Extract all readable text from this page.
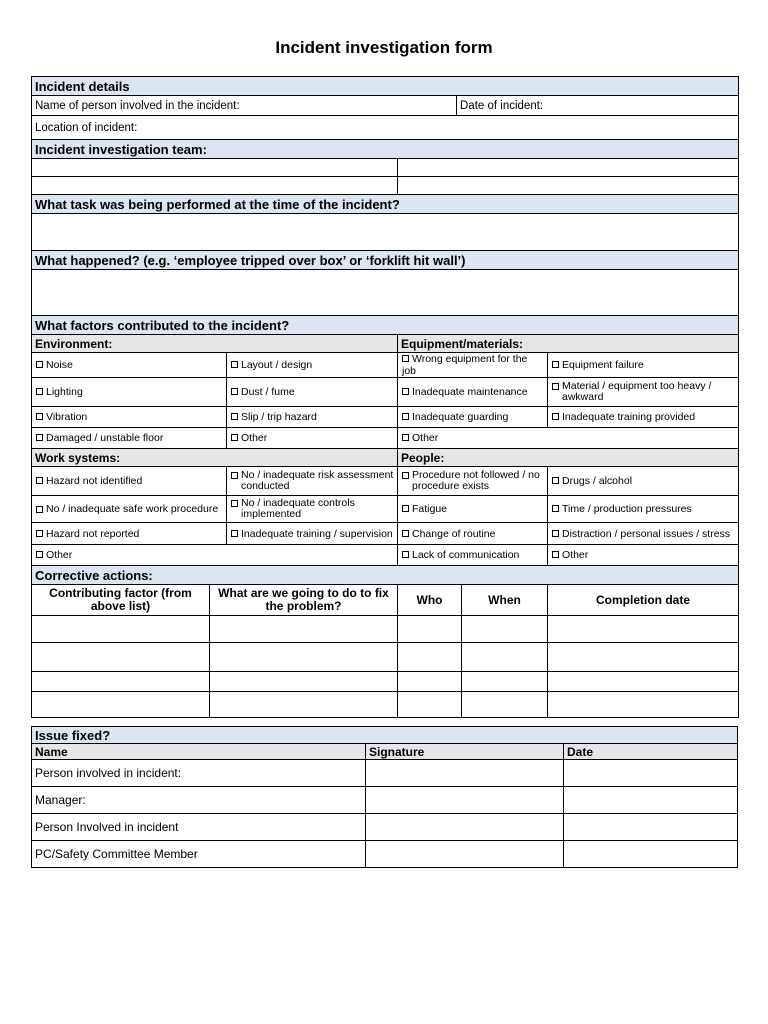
Incident investigation form
Incident details						
Name of person involved in the incident:				Date of incident:		
Location of incident:						
Incident investigation team:						

What task was being performed at the time of the incident?						

What happened? (e.g. ‘employee tripped over box’ or ‘forklift hit wall’)						

What factors contributed to the incident?						
Environment:			Equipment/materials:			
Noise		Layout / design	Wrong equipment for the job			Equipment failure
Lighting		Dust / fume	Inadequate maintenance			Material / equipment too heavy / awkward

Vibration		Slip / trip hazard	Inadequate guarding			Inadequate training provided
Damaged / unstable floor		Other	Other			
Work systems:			People:			
Hazard not identified		No / inadequate risk assessment conducted	Procedure not followed / no procedure exists			Drugs / alcohol

No / inadequate safe work procedure		No / inadequate controls implemented	Fatigue			Time / production pressures
Hazard not reported		Inadequate training / supervision	Change of routine			Distraction / personal issues / stress
Other			Lack of communication			Other
Corrective actions:						
Contributing factor (from above list)	What are we going to do to fix the problem?		Who		When	Completion date

Issue fixed?		
Name	Signature	Date
Person involved in incident:		
Manager:		
Person Involved in incident		
PC/Safety Committee Member		
